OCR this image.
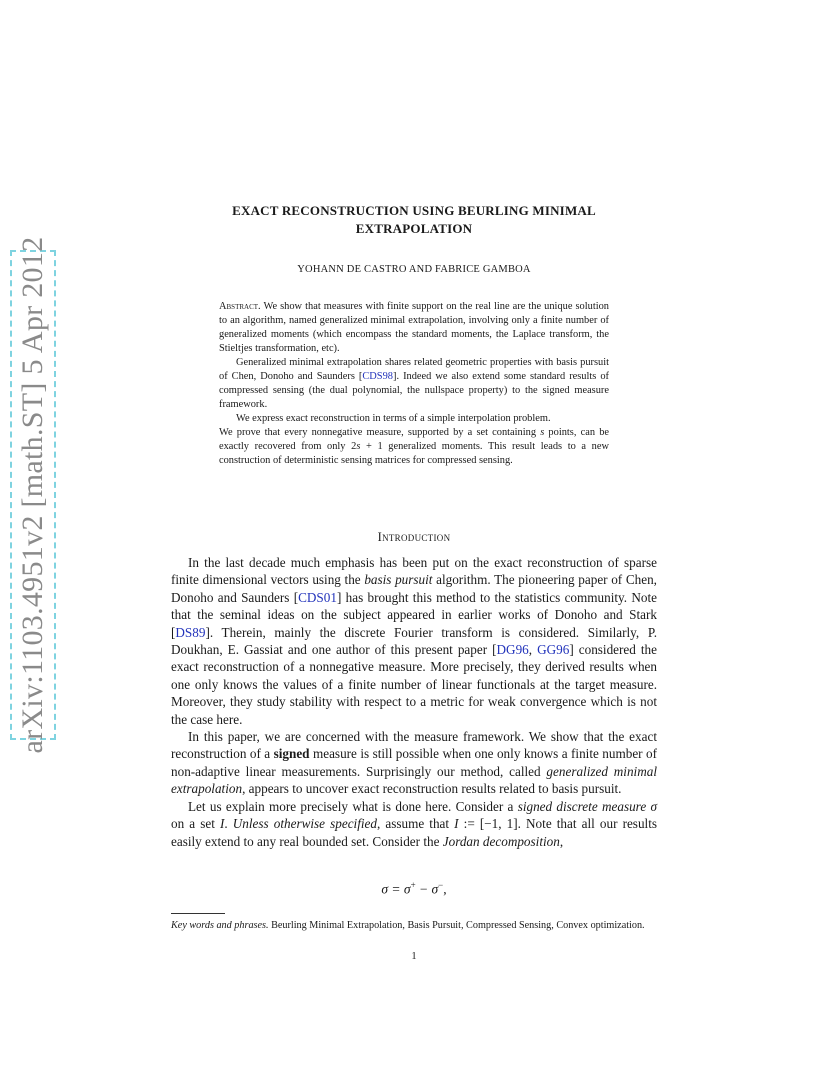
arXiv:1103.4951v2 [math.ST] 5 Apr 2012
EXACT RECONSTRUCTION USING BEURLING MINIMAL
EXTRAPOLATION
YOHANN DE CASTRO AND FABRICE GAMBOA

Abstract. We show that measures with finite support on the real line are the unique solution to an algorithm, named generalized minimal extrapolation, involving only a finite number of generalized moments (which encompass the standard moments, the Laplace transform, the Stieltjes transformation, etc).

Generalized minimal extrapolation shares related geometric properties with basis pursuit of Chen, Donoho and Saunders [CDS98]. Indeed we also extend some standard results of compressed sensing (the dual polynomial, the nullspace property) to the signed measure framework.

We express exact reconstruction in terms of a simple interpolation problem.

We prove that every nonnegative measure, supported by a set containing s points, can be exactly recovered from only 2s + 1 generalized moments. This result leads to a new construction of deterministic sensing matrices for compressed sensing.

Introduction

In the last decade much emphasis has been put on the exact reconstruction of sparse finite dimensional vectors using the basis pursuit algorithm. The pioneering paper of Chen, Donoho and Saunders [CDS01] has brought this method to the statistics community. Note that the seminal ideas on the subject appeared in earlier works of Donoho and Stark [DS89]. Therein, mainly the discrete Fourier transform is considered. Similarly, P. Doukhan, E. Gassiat and one author of this present paper [DG96, GG96] considered the exact reconstruction of a nonnegative measure. More precisely, they derived results when one only knows the values of a finite number of linear functionals at the target measure. Moreover, they study stability with respect to a metric for weak convergence which is not the case here.

In this paper, we are concerned with the measure framework. We show that the exact reconstruction of a signed measure is still possible when one only knows a finite number of non-adaptive linear measurements. Surprisingly our method, called generalized minimal extrapolation, appears to uncover exact reconstruction results related to basis pursuit.

Let us explain more precisely what is done here. Consider a signed discrete measure σ on a set I. Unless otherwise specified, assume that I := [−1, 1]. Note that all our results easily extend to any real bounded set. Consider the Jordan decomposition,

σ = σ+ − σ−,
Key words and phrases. Beurling Minimal Extrapolation, Basis Pursuit, Compressed Sensing, Convex optimization.
1
